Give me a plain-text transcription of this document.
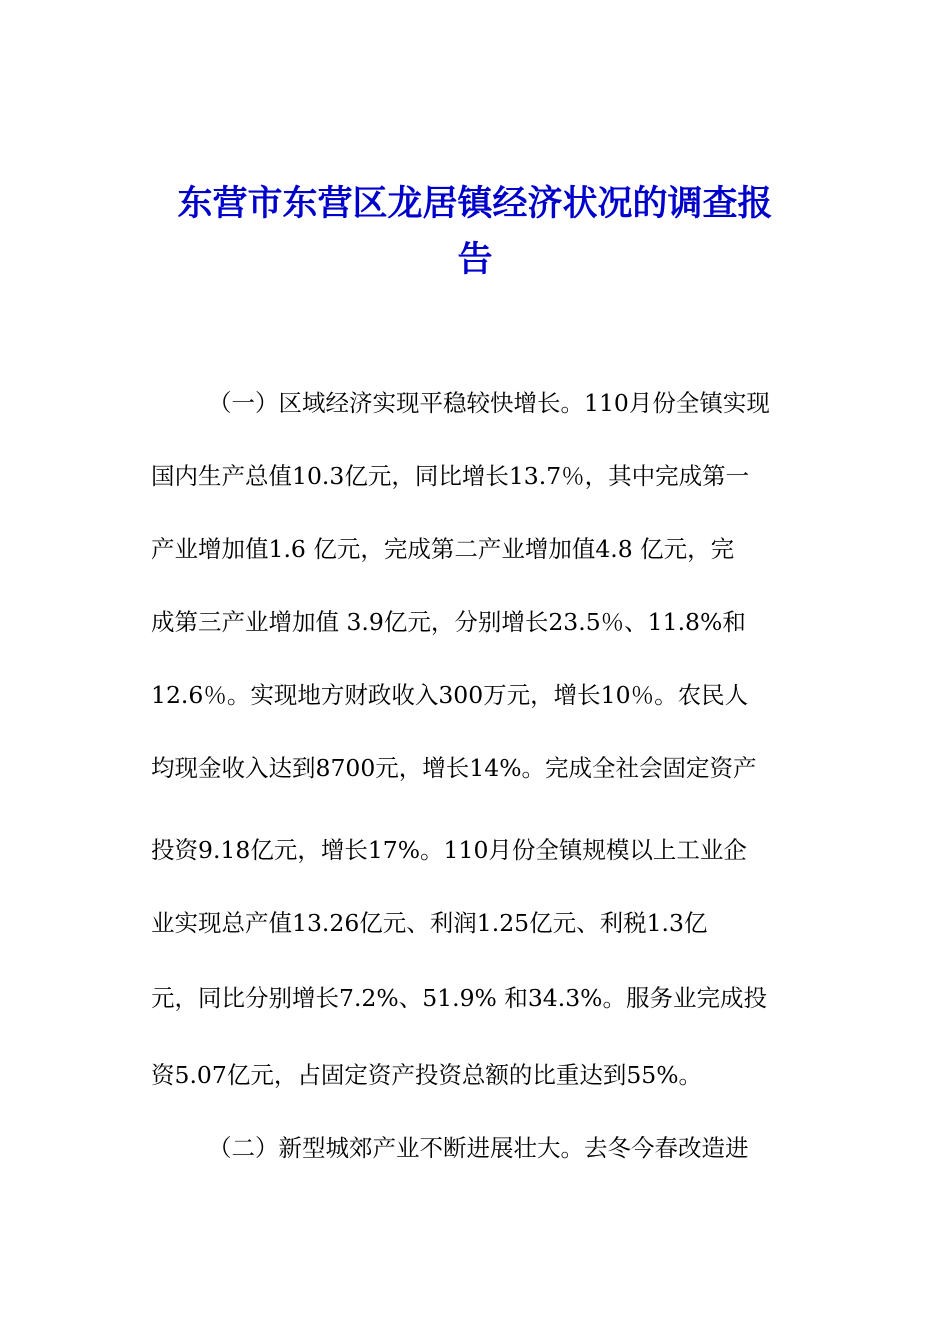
东营市东营区龙居镇经济状况的调查报
告

（一）区域经济实现平稳较快增长。110月份全镇实现

国内生产总值10.3亿元，同比增长13.7％，其中完成第一

产业增加值1.6 亿元，完成第二产业增加值4.8 亿元，完

成第三产业增加值 3.9亿元，分别增长23.5％、11.8%和

12.6％。实现地方财政收入300万元，增长10％。农民人

均现金收入达到8700元，增长14%。完成全社会固定资产

投资9.18亿元，增长17%。110月份全镇规模以上工业企

业实现总产值13.26亿元、利润1.25亿元、利税1.3亿

元，同比分别增长7.2%、51.9% 和34.3%。服务业完成投

资5.07亿元，占固定资产投资总额的比重达到55%。

（二）新型城郊产业不断进展壮大。去冬今春改造进
